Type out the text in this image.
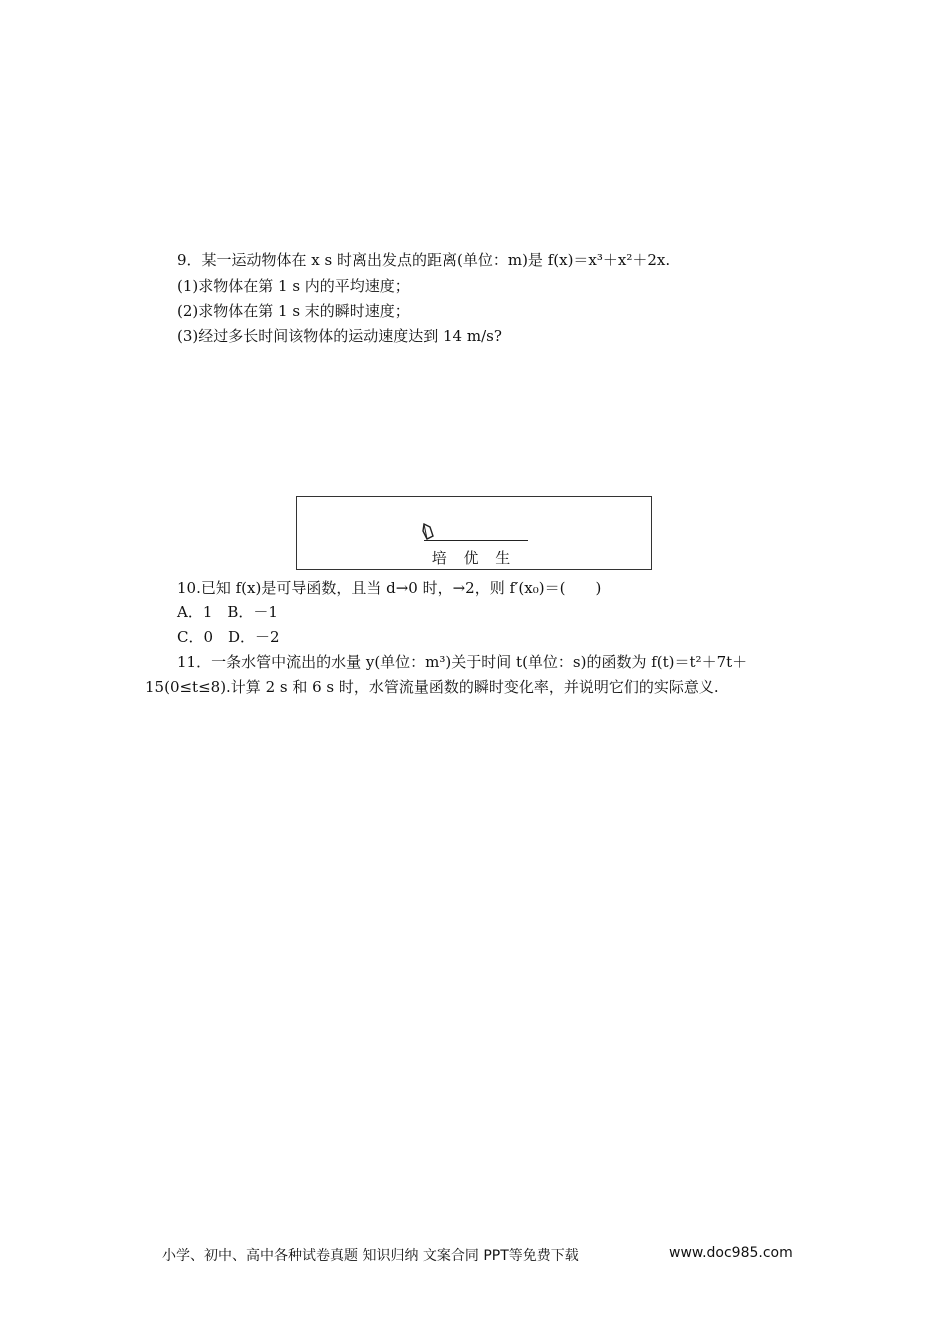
9．某一运动物体在 x s 时离出发点的距离(单位：m)是 f(x)＝x³＋x²＋2x.
(1)求物体在第 1 s 内的平均速度；
(2)求物体在第 1 s 末的瞬时速度；
(3)经过多长时间该物体的运动速度达到 14 m/s?
培 优 生
10.已知 f(x)是可导函数，且当 d→0 时，→2，则 f′(x₀)＝(　　)
A．1　B．－1
C．0　D．－2
11．一条水管中流出的水量 y(单位：m³)关于时间 t(单位：s)的函数为 f(t)＝t²＋7t＋
15(0≤t≤8).计算 2 s 和 6 s 时，水管流量函数的瞬时变化率，并说明它们的实际意义.
小学、初中、高中各种试卷真题 知识归纳 文案合同 PPT等免费下载	www.doc985.com
